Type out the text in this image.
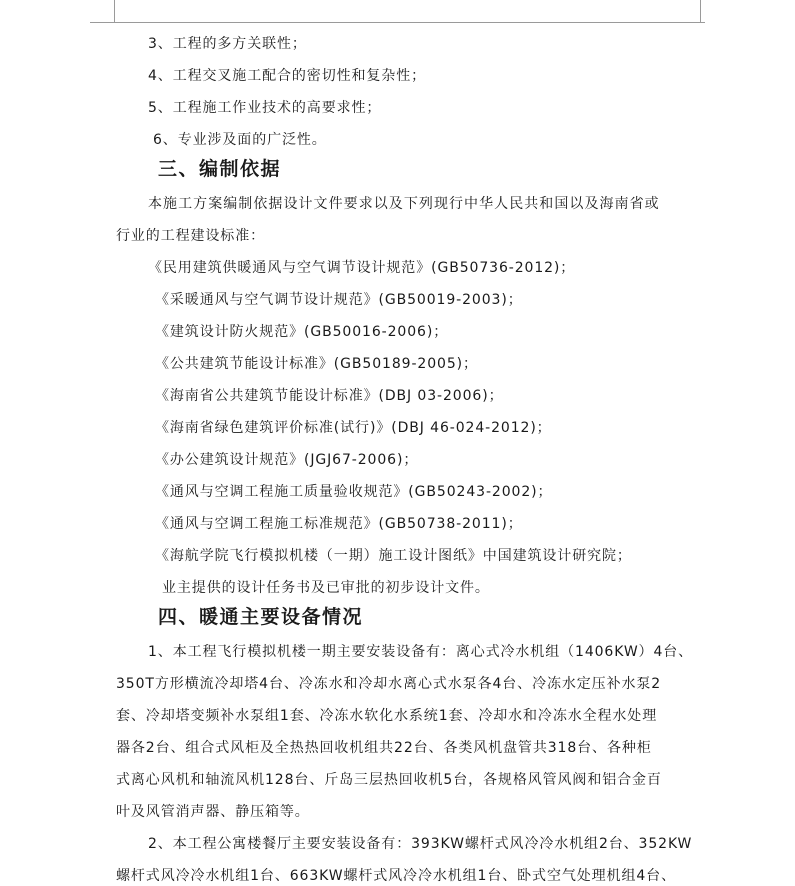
3、工程的多方关联性；
4、工程交叉施工配合的密切性和复杂性；
5、工程施工作业技术的高要求性；
6、专业涉及面的广泛性。
三、编制依据
本施工方案编制依据设计文件要求以及下列现行中华人民共和国以及海南省或
行业的工程建设标准：
《民用建筑供暖通风与空气调节设计规范》(GB50736-2012)；
《采暖通风与空气调节设计规范》(GB50019-2003)；
《建筑设计防火规范》(GB50016-2006)；
《公共建筑节能设计标准》(GB50189-2005)；
《海南省公共建筑节能设计标准》(DBJ 03-2006)；
《海南省绿色建筑评价标准(试行)》(DBJ 46-024-2012)；
《办公建筑设计规范》(JGJ67-2006)；
《通风与空调工程施工质量验收规范》(GB50243-2002)；
《通风与空调工程施工标准规范》(GB50738-2011)；
《海航学院飞行模拟机楼（一期）施工设计图纸》中国建筑设计研究院；
业主提供的设计任务书及已审批的初步设计文件。
四、暖通主要设备情况
1、本工程飞行模拟机楼一期主要安装设备有：离心式冷水机组（1406KW）4台、
350T方形横流冷却塔4台、冷冻水和冷却水离心式水泵各4台、冷冻水定压补水泵2
套、冷却塔变频补水泵组1套、冷冻水软化水系统1套、冷却水和冷冻水全程水处理
器各2台、组合式风柜及全热热回收机组共22台、各类风机盘管共318台、各种柜
式离心风机和轴流风机128台、斤岛三层热回收机5台，各规格风管风阀和铝合金百
叶及风管消声器、静压箱等。
2、本工程公寓楼餐厅主要安装设备有：393KW螺杆式风冷冷水机组2台、352KW
螺杆式风冷冷水机组1台、663KW螺杆式风冷冷水机组1台、卧式空气处理机组4台、
